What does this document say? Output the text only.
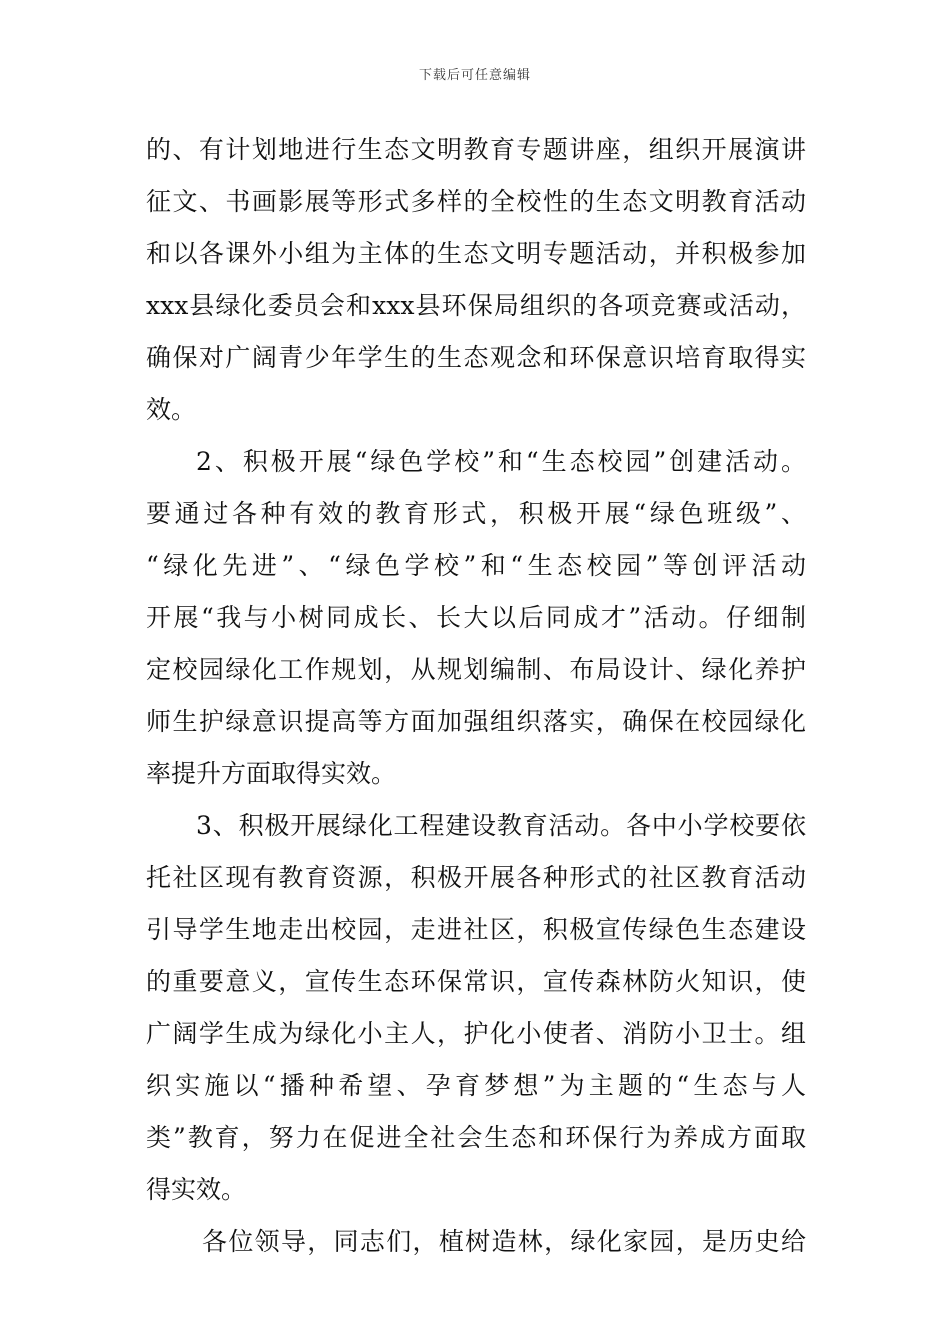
下载后可任意编辑
的、有计划地进行生态文明教育专题讲座，组织开展演讲
征文、书画影展等形式多样的全校性的生态文明教育活动
和以各课外小组为主体的生态文明专题活动，并积极参加
xxx县绿化委员会和xxx县环保局组织的各项竞赛或活动，
确保对广阔青少年学生的生态观念和环保意识培育取得实
效。
2、积极开展“绿色学校”和“生态校园”创建活动。
要通过各种有效的教育形式，积极开展“绿色班级”、
“绿化先进”、“绿色学校”和“生态校园”等创评活动
开展“我与小树同成长、长大以后同成才”活动。仔细制
定校园绿化工作规划，从规划编制、布局设计、绿化养护
师生护绿意识提高等方面加强组织落实，确保在校园绿化
率提升方面取得实效。
3、积极开展绿化工程建设教育活动。各中小学校要依
托社区现有教育资源，积极开展各种形式的社区教育活动
引导学生地走出校园，走进社区，积极宣传绿色生态建设
的重要意义，宣传生态环保常识，宣传森林防火知识，使
广阔学生成为绿化小主人，护化小使者、消防小卫士。组
织实施以“播种希望、孕育梦想”为主题的“生态与人
类”教育，努力在促进全社会生态和环保行为养成方面取
得实效。
各位领导，同志们，植树造林，绿化家园，是历史给
